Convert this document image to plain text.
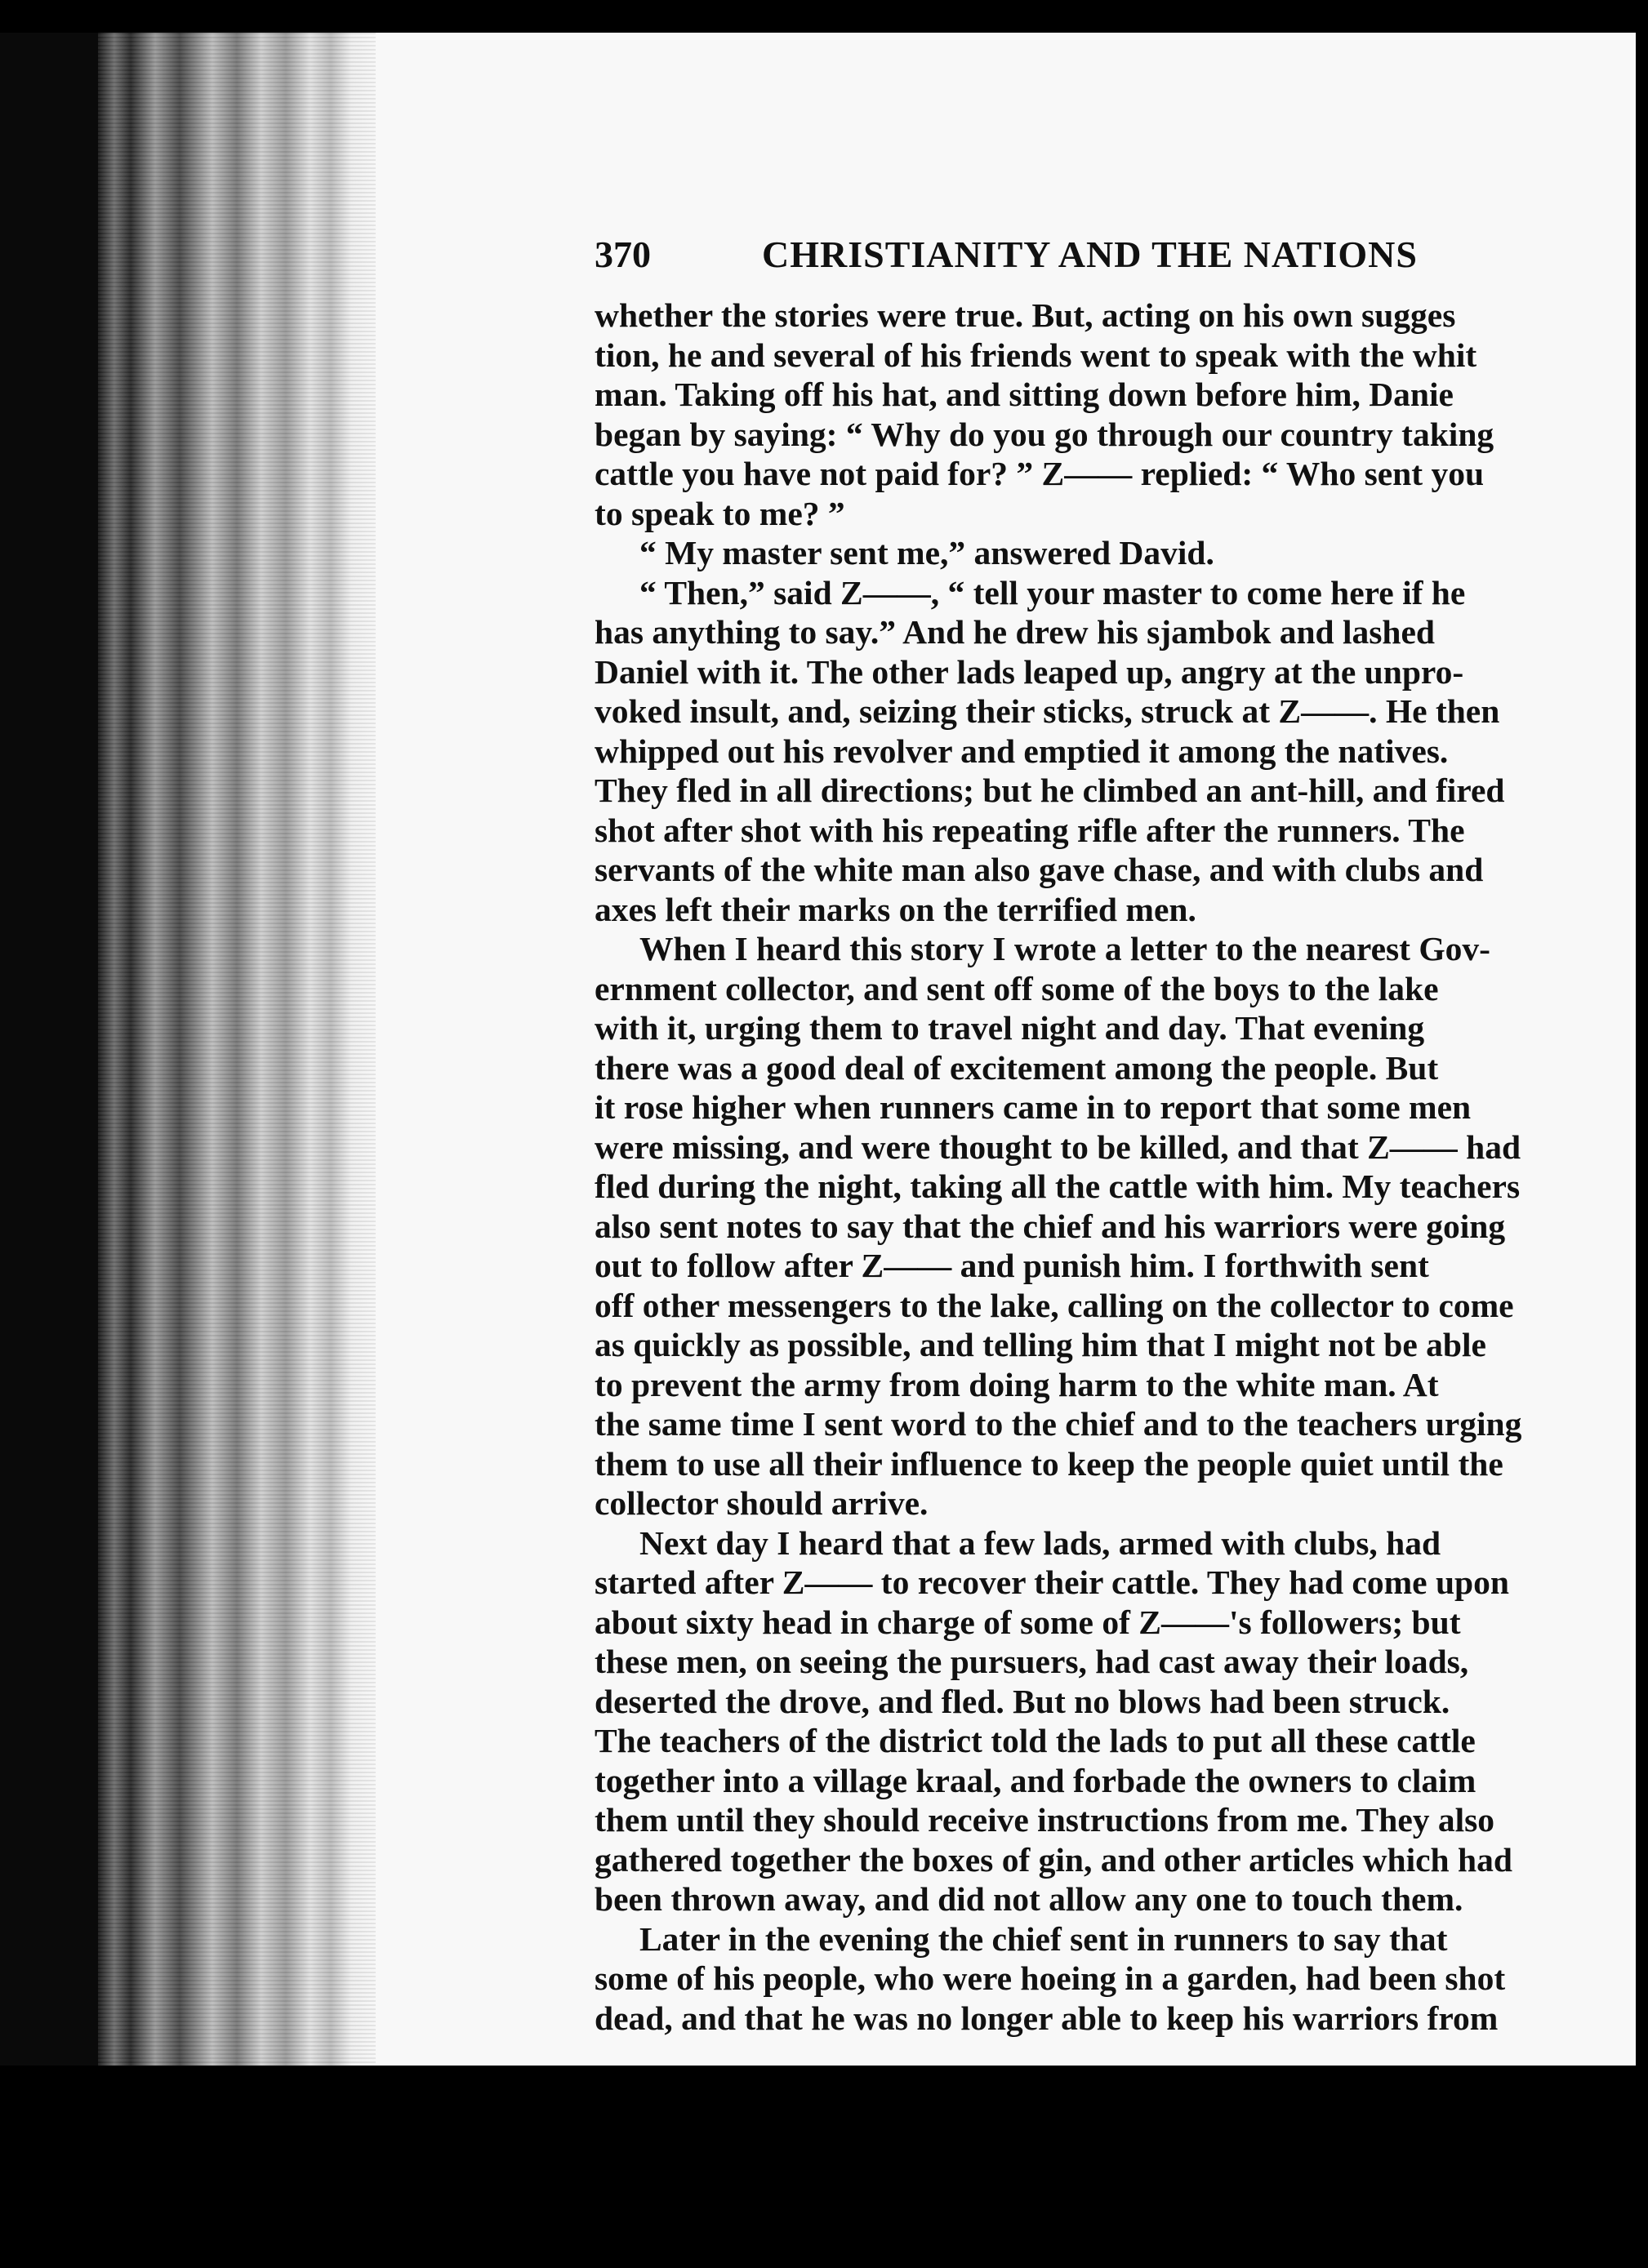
370	CHRISTIANITY AND THE NATIONS
whether the stories were true. But, acting on his own sugges
tion, he and several of his friends went to speak with the whit
man. Taking off his hat, and sitting down before him, Danie
began by saying: “ Why do you go through our country taking
cattle you have not paid for? ” Z—— replied: “ Who sent you
to speak to me? ”
“ My master sent me,” answered David.
“ Then,” said Z——, “ tell your master to come here if he
has anything to say.” And he drew his sjambok and lashed
Daniel with it. The other lads leaped up, angry at the unpro-
voked insult, and, seizing their sticks, struck at Z——. He then
whipped out his revolver and emptied it among the natives.
They fled in all directions; but he climbed an ant-hill, and fired
shot after shot with his repeating rifle after the runners. The
servants of the white man also gave chase, and with clubs and
axes left their marks on the terrified men.
When I heard this story I wrote a letter to the nearest Gov-
ernment collector, and sent off some of the boys to the lake
with it, urging them to travel night and day. That evening
there was a good deal of excitement among the people. But
it rose higher when runners came in to report that some men
were missing, and were thought to be killed, and that Z—— had
fled during the night, taking all the cattle with him. My teachers
also sent notes to say that the chief and his warriors were going
out to follow after Z—— and punish him. I forthwith sent
off other messengers to the lake, calling on the collector to come
as quickly as possible, and telling him that I might not be able
to prevent the army from doing harm to the white man. At
the same time I sent word to the chief and to the teachers urging
them to use all their influence to keep the people quiet until the
collector should arrive.
Next day I heard that a few lads, armed with clubs, had
started after Z—— to recover their cattle. They had come upon
about sixty head in charge of some of Z——'s followers; but
these men, on seeing the pursuers, had cast away their loads,
deserted the drove, and fled. But no blows had been struck.
The teachers of the district told the lads to put all these cattle
together into a village kraal, and forbade the owners to claim
them until they should receive instructions from me. They also
gathered together the boxes of gin, and other articles which had
been thrown away, and did not allow any one to touch them.
Later in the evening the chief sent in runners to say that
some of his people, who were hoeing in a garden, had been shot
dead, and that he was no longer able to keep his warriors from
